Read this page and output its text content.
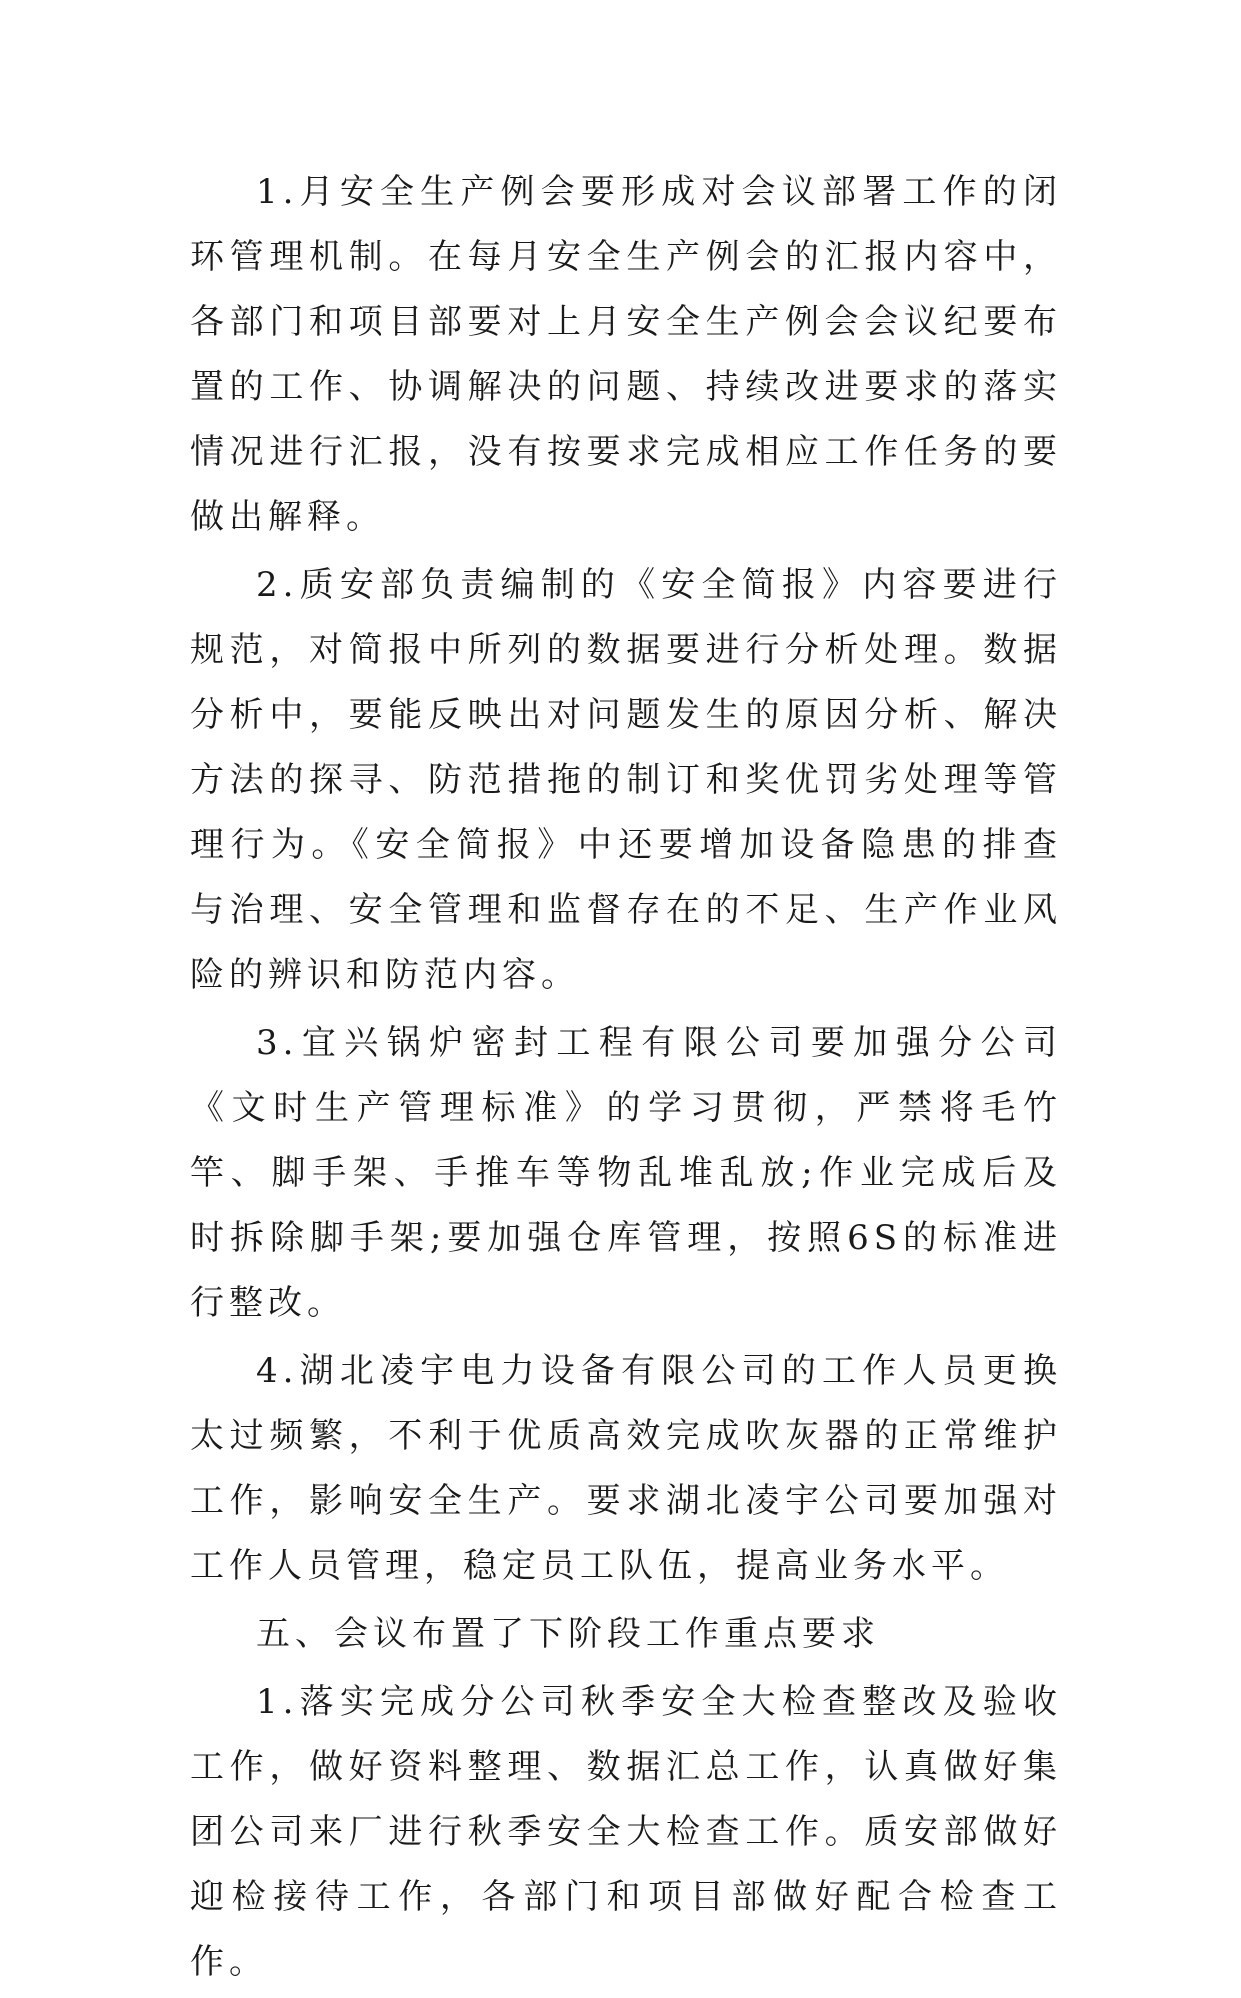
1.月安全生产例会要形成对会议部署工作的闭环管理机制。在每月安全生产例会的汇报内容中，各部门和项目部要对上月安全生产例会会议纪要布置的工作、协调解决的问题、持续改进要求的落实情况进行汇报，没有按要求完成相应工作任务的要做出解释。

2.质安部负责编制的《安全简报》内容要进行规范，对简报中所列的数据要进行分析处理。数据分析中，要能反映出对问题发生的原因分析、解决方法的探寻、防范措拖的制订和奖优罚劣处理等管理行为。《安全简报》中还要增加设备隐患的排查与治理、安全管理和监督存在的不足、生产作业风险的辨识和防范内容。

3.宜兴锅炉密封工程有限公司要加强分公司《文时生产管理标准》的学习贯彻，严禁将毛竹竿、脚手架、手推车等物乱堆乱放;作业完成后及时拆除脚手架;要加强仓库管理，按照6S的标准进行整改。

4.湖北凌宇电力设备有限公司的工作人员更换太过频繁，不利于优质高效完成吹灰器的正常维护工作，影响安全生产。要求湖北凌宇公司要加强对工作人员管理，稳定员工队伍，提高业务水平。

五、会议布置了下阶段工作重点要求

1.落实完成分公司秋季安全大检查整改及验收工作，做好资料整理、数据汇总工作，认真做好集团公司来厂进行秋季安全大检查工作。质安部做好迎检接待工作，各部门和项目部做好配合检查工作。
